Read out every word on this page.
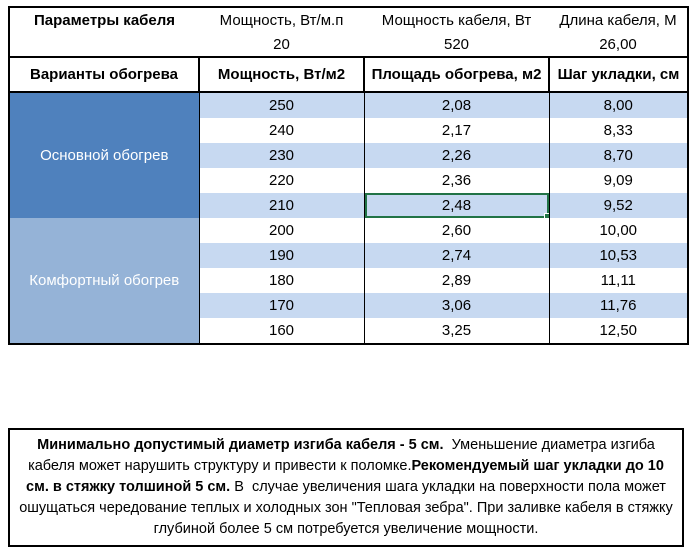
Параметры кабеля	Мощность, Вт/м.п	Мощность кабеля, Вт	Длина кабеля, М
	20	520	26,00
Варианты обогрева	Мощность, Вт/м2	Площадь обогрева, м2	Шаг укладки, см
Основной обогрев	250	2,08	8,00
	240	2,17	8,33
	230	2,26	8,70
	220	2,36	9,09
	210	2,48	9,52
Комфортный обогрев	200	2,60	10,00
	190	2,74	10,53
	180	2,89	11,11
	170	3,06	11,76
	160	3,25	12,50
Минимально допустимый диаметр изгиба кабеля - 5 см.  Уменьшение диаметра изгиба кабеля может нарушить структуру и привести к поломке.Рекомендуемый шаг укладки до 10 см. в стяжку толшиной 5 см. В  случае увеличения шага укладки на поверхности пола может ошущаться чередование теплых и холодных зон "Тепловая зебра". При заливке кабеля в стяжку глубиной более 5 см потребуется увеличение мощности.
